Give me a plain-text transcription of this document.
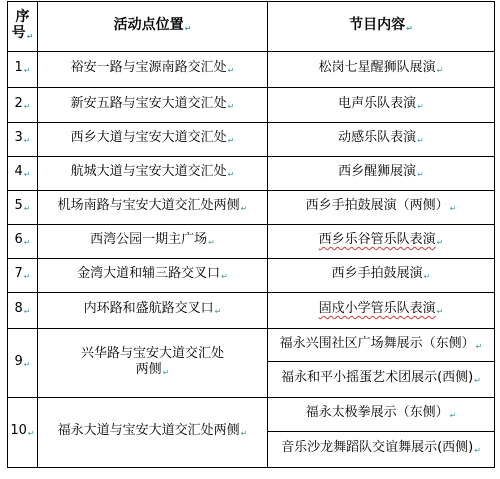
序
号↵	活动点位置↵	节目内容↵
1↵	裕安一路与宝源南路交汇处↵	松岗七星醒狮队展演↵
2↵	新安五路与宝安大道交汇处↵	电声乐队表演↵
3↵	西乡大道与宝安大道交汇处↵	动感乐队表演↵
4↵	航城大道与宝安大道交汇处↵	西乡醒狮展演↵
5↵	机场南路与宝安大道交汇处两侧↵	西乡手拍鼓展演（两侧）↵
6↵	西湾公园一期主广场↵	西乡乐谷管乐队表演↵
7↵	金湾大道和辅三路交叉口↵	西乡手拍鼓展演↵
8↵	内环路和盛航路交叉口↵	固戍小学管乐队表演↵
9↵	兴华路与宝安大道交汇处
两侧↵	福永兴围社区广场舞展示（东侧）↵
		福永和平小摇蛋艺术团展示(西侧)↵
10↵	福永大道与宝安大道交汇处两侧↵	福永太极拳展示（东侧）↵
		音乐沙龙舞蹈队交谊舞展示(西侧)↵
